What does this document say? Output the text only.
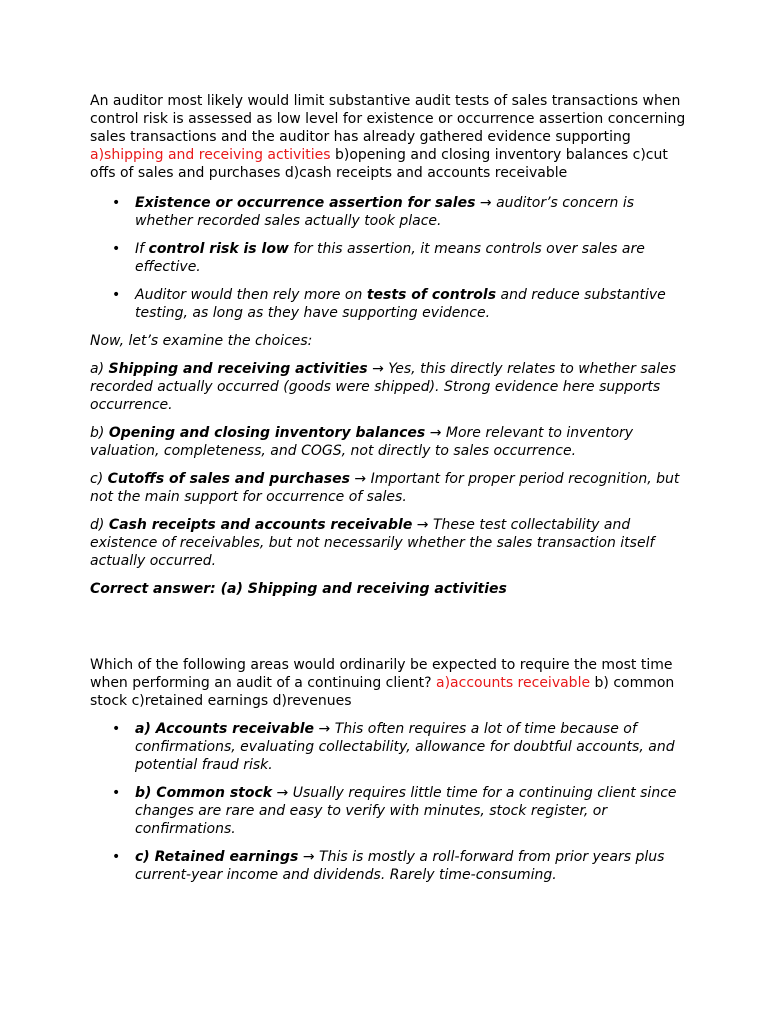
An auditor most likely would limit substantive audit tests of sales transactions when control risk is assessed as low level for existence or occurrence assertion concerning sales transactions and the auditor has already gathered evidence supporting a)shipping and receiving activities b)opening and closing inventory balances c)cut offs of sales and purchases d)cash receipts and accounts receivable

• Existence or occurrence assertion for sales → auditor’s concern is whether recorded sales actually took place.
• If control risk is low for this assertion, it means controls over sales are effective.
• Auditor would then rely more on tests of controls and reduce substantive testing, as long as they have supporting evidence.

Now, let’s examine the choices:

a) Shipping and receiving activities → Yes, this directly relates to whether sales recorded actually occurred (goods were shipped). Strong evidence here supports occurrence.

b) Opening and closing inventory balances → More relevant to inventory valuation, completeness, and COGS, not directly to sales occurrence.

c) Cutoffs of sales and purchases → Important for proper period recognition, but not the main support for occurrence of sales.

d) Cash receipts and accounts receivable → These test collectability and existence of receivables, but not necessarily whether the sales transaction itself actually occurred.

Correct answer: (a) Shipping and receiving activities

Which of the following areas would ordinarily be expected to require the most time when performing an audit of a continuing client? a)accounts receivable b) common stock c)retained earnings d)revenues

• a) Accounts receivable → This often requires a lot of time because of confirmations, evaluating collectability, allowance for doubtful accounts, and potential fraud risk.
• b) Common stock → Usually requires little time for a continuing client since changes are rare and easy to verify with minutes, stock register, or confirmations.
• c) Retained earnings → This is mostly a roll-forward from prior years plus current-year income and dividends. Rarely time-consuming.
